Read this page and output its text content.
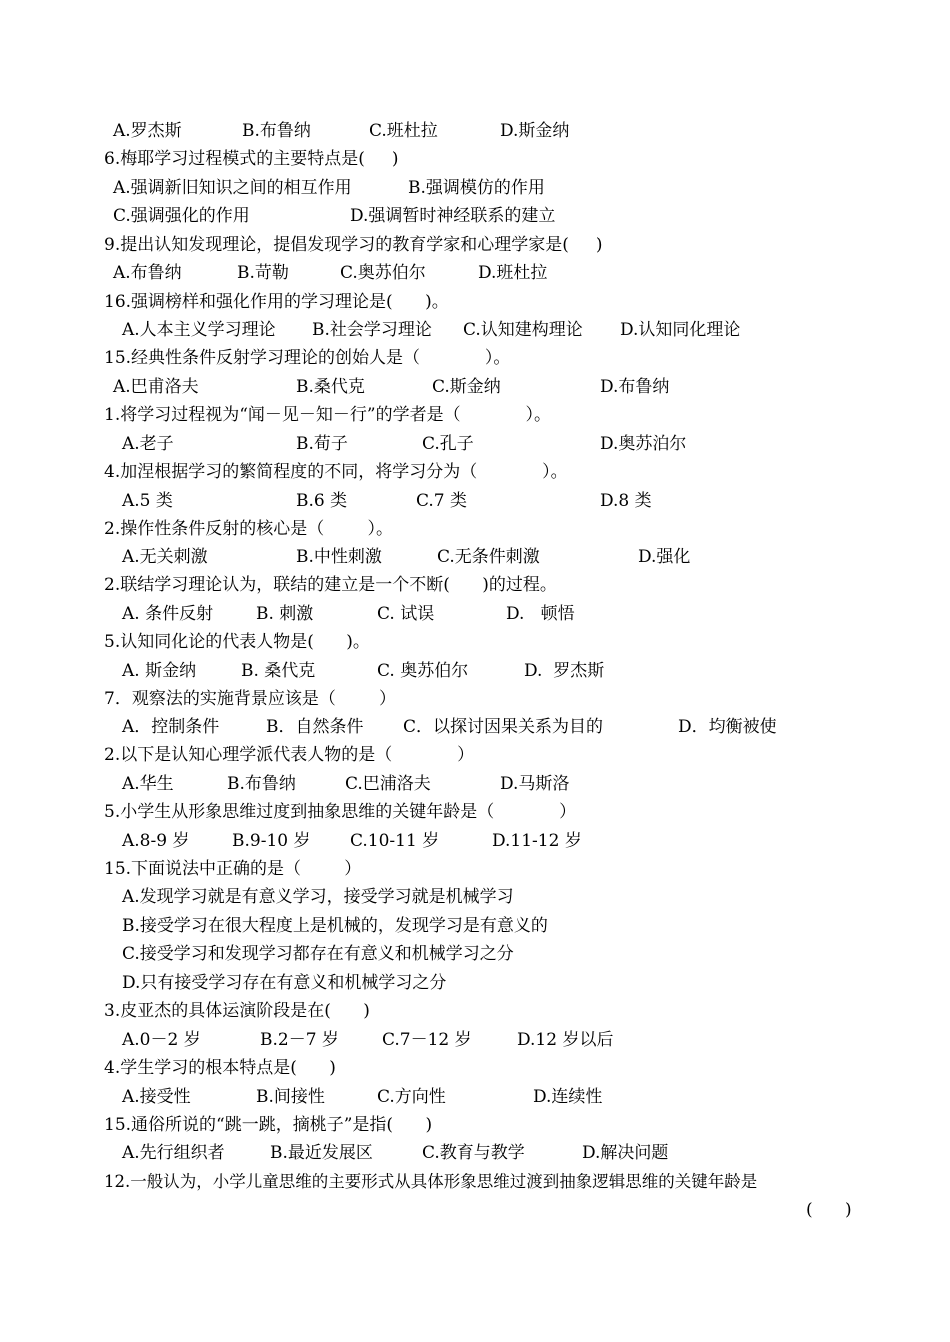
A.罗杰斯	B.布鲁纳	C.班杜拉	D.斯金纳
6.梅耶学习过程模式的主要特点是(     )
A.强调新旧知识之间的相互作用	B.强调模仿的作用
C.强调强化的作用	D.强调暂时神经联系的建立
9.提出认知发现理论，提倡发现学习的教育学家和心理学家是(     )
A.布鲁纳	B.苛勒	C.奥苏伯尔	D.班杜拉
16.强调榜样和强化作用的学习理论是(      )。
A.人本主义学习理论 B.社会学习理论 C.认知建构理论 D.认知同化理论
15.经典性条件反射学习理论的创始人是（            ）。
A.巴甫洛夫	B.桑代克	C.斯金纳	D.布鲁纳
1.将学习过程视为“闻－见－知－行”的学者是（            ）。
A.老子	B.荀子	C.孔子	D.奥苏泊尔
4.加涅根据学习的繁简程度的不同，将学习分为（            ）。
A.5 类	B.6 类	C.7 类	D.8 类
2.操作性条件反射的核心是（        ）。
A.无关刺激	B.中性刺激	C.无条件刺激	D.强化
2.联结学习理论认为，联结的建立是一个不断(      )的过程。
A. 条件反射	B. 刺激	C. 试误	D.   顿悟
5.认知同化论的代表人物是(      )。
A. 斯金纳	B. 桑代克	C. 奥苏伯尔	D.  罗杰斯
7．观察法的实施背景应该是（        ）
A．控制条件	B．自然条件 C．以探讨因果关系为目的	D．均衡被使
2.以下是认知心理学派代表人物的是（            ）
A.华生	B.布鲁纳	C.巴浦洛夫	D.马斯洛
5.小学生从形象思维过度到抽象思维的关键年龄是（            ）
A.8-9 岁	B.9-10 岁 C.10-11 岁	D.11-12 岁
15.下面说法中正确的是（        ）
A.发现学习就是有意义学习，接受学习就是机械学习
B.接受学习在很大程度上是机械的，发现学习是有意义的
C.接受学习和发现学习都存在有意义和机械学习之分
D.只有接受学习存在有意义和机械学习之分
3.皮亚杰的具体运演阶段是在(      )
A.0－2 岁	B.2－7 岁	C.7－12 岁	D.12 岁以后
4.学生学习的根本特点是(      )
A.接受性	B.间接性	C.方向性	D.连续性
15.通俗所说的“跳一跳，摘桃子”是指(      )
A.先行组织者	B.最近发展区	C.教育与教学	D.解决问题
12.一般认为，小学儿童思维的主要形式从具体形象思维过渡到抽象逻辑思维的关键年龄是
(      )
